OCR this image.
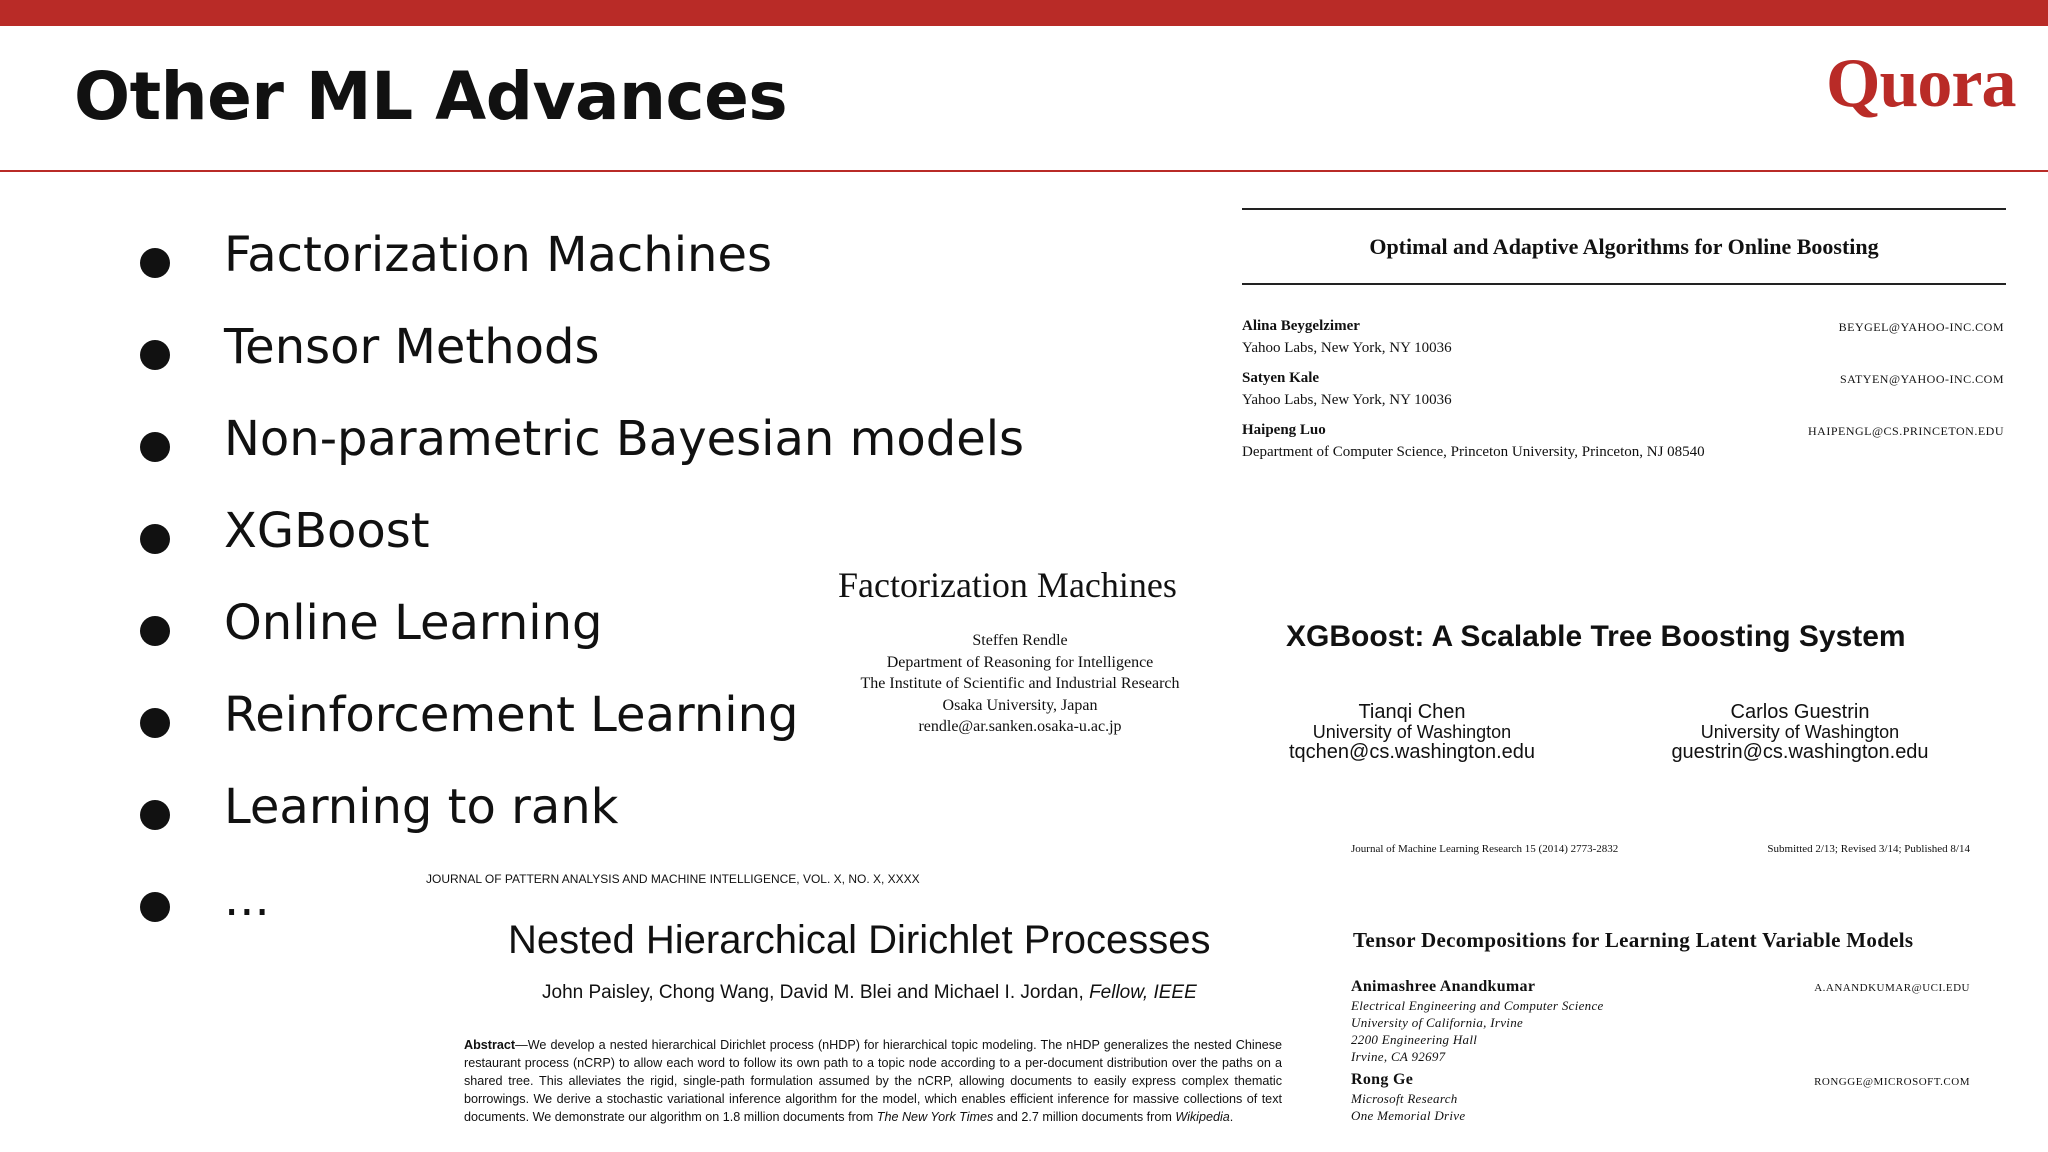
Other ML Advances	Quora
Factorization Machines
Tensor Methods
Non-parametric Bayesian models
XGBoost
Online Learning
Reinforcement Learning
Learning to rank
...
Optimal and Adaptive Algorithms for Online Boosting
Alina Beygelzimer	BEYGEL@YAHOO-INC.COM
Yahoo Labs, New York, NY 10036
Satyen Kale	SATYEN@YAHOO-INC.COM
Yahoo Labs, New York, NY 10036
Haipeng Luo	HAIPENGL@CS.PRINCETON.EDU
Department of Computer Science, Princeton University, Princeton, NJ 08540
Factorization Machines
Steffen Rendle
Department of Reasoning for Intelligence
The Institute of Scientific and Industrial Research
Osaka University, Japan
rendle@ar.sanken.osaka-u.ac.jp
XGBoost: A Scalable Tree Boosting System
Tianqi Chen
University of Washington
tqchen@cs.washington.edu
Carlos Guestrin
University of Washington
guestrin@cs.washington.edu
Journal of Machine Learning Research 15 (2014) 2773-2832	Submitted 2/13; Revised 3/14; Published 8/14
JOURNAL OF PATTERN ANALYSIS AND MACHINE INTELLIGENCE, VOL. X, NO. X, XXXX
Nested Hierarchical Dirichlet Processes
John Paisley, Chong Wang, David M. Blei and Michael I. Jordan, Fellow, IEEE
Abstract—We develop a nested hierarchical Dirichlet process (nHDP) for hierarchical topic modeling. The nHDP generalizes the nested Chinese restaurant process (nCRP) to allow each word to follow its own path to a topic node according to a per-document distribution over the paths on a shared tree. This alleviates the rigid, single-path formulation assumed by the nCRP, allowing documents to easily express complex thematic borrowings. We derive a stochastic variational inference algorithm for the model, which enables efficient inference for massive collections of text documents. We demonstrate our algorithm on 1.8 million documents from The New York Times and 2.7 million documents from Wikipedia.
Tensor Decompositions for Learning Latent Variable Models
Animashree Anandkumar	A.ANANDKUMAR@UCI.EDU
Electrical Engineering and Computer Science
University of California, Irvine
2200 Engineering Hall
Irvine, CA 92697
Rong Ge	RONGGE@MICROSOFT.COM
Microsoft Research
One Memorial Drive
